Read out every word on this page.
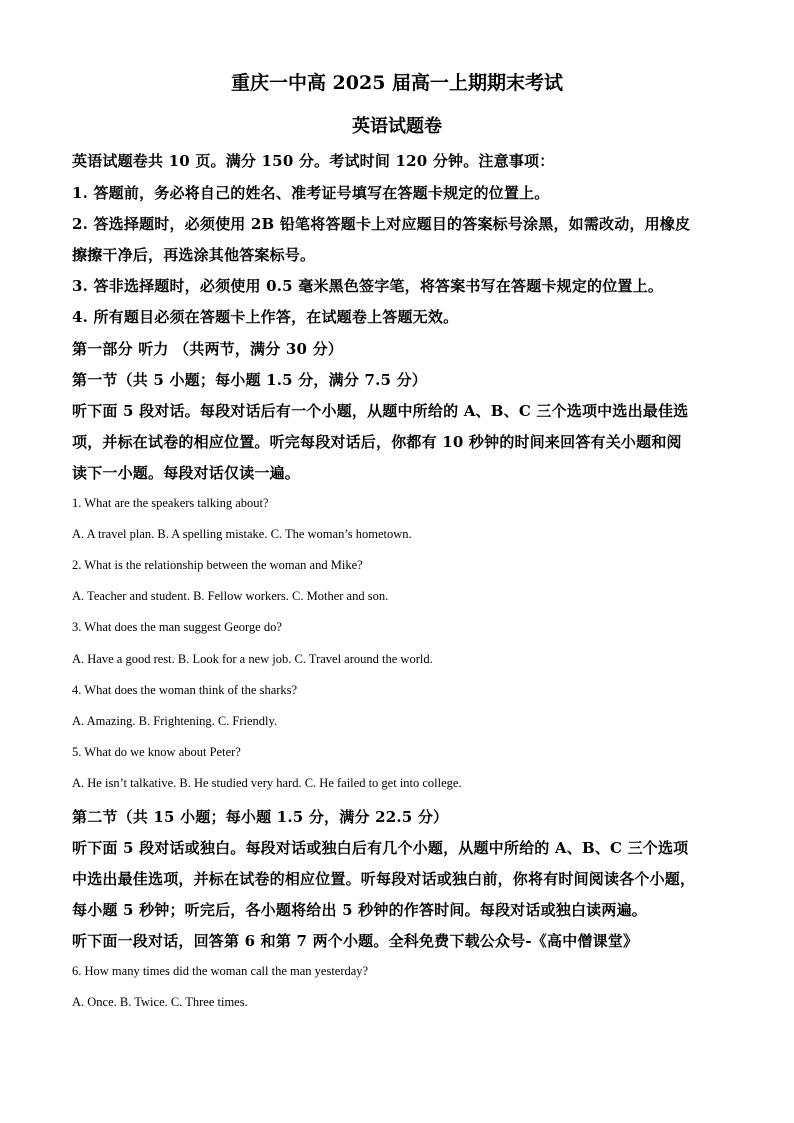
重庆一中高 2025 届高一上期期末考试
英语试题卷
英语试题卷共 10 页。满分 150 分。考试时间 120 分钟。注意事项：
1. 答题前，务必将自己的姓名、准考证号填写在答题卡规定的位置上。
2. 答选择题时，必须使用 2B 铅笔将答题卡上对应题目的答案标号涂黑，如需改动，用橡皮
擦擦干净后，再选涂其他答案标号。
3. 答非选择题时，必须使用 0.5 毫米黑色签字笔，将答案书写在答题卡规定的位置上。
4. 所有题目必须在答题卡上作答，在试题卷上答题无效。
第一部分 听力 （共两节，满分 30 分）
第一节（共 5 小题；每小题 1.5 分，满分 7.5 分）
听下面 5 段对话。每段对话后有一个小题，从题中所给的 A、B、C 三个选项中选出最佳选
项，并标在试卷的相应位置。听完每段对话后，你都有 10 秒钟的时间来回答有关小题和阅
读下一小题。每段对话仅读一遍。
1. What are the speakers talking about?
A. A travel plan. B. A spelling mistake. C. The woman’s hometown.
2. What is the relationship between the woman and Mike?
A. Teacher and student. B. Fellow workers. C. Mother and son.
3. What does the man suggest George do?
A. Have a good rest. B. Look for a new job. C. Travel around the world.
4. What does the woman think of the sharks?
A. Amazing. B. Frightening. C. Friendly.
5. What do we know about Peter?
A. He isn’t talkative. B. He studied very hard. C. He failed to get into college.
第二节（共 15 小题；每小题 1.5 分，满分 22.5 分）
听下面 5 段对话或独白。每段对话或独白后有几个小题，从题中所给的 A、B、C 三个选项
中选出最佳选项，并标在试卷的相应位置。听每段对话或独白前，你将有时间阅读各个小题，
每小题 5 秒钟；听完后，各小题将给出 5 秒钟的作答时间。每段对话或独白读两遍。
听下面一段对话，回答第 6 和第 7 两个小题。全科免费下载公众号-《高中僧课堂》
6. How many times did the woman call the man yesterday?
A. Once. B. Twice. C. Three times.
